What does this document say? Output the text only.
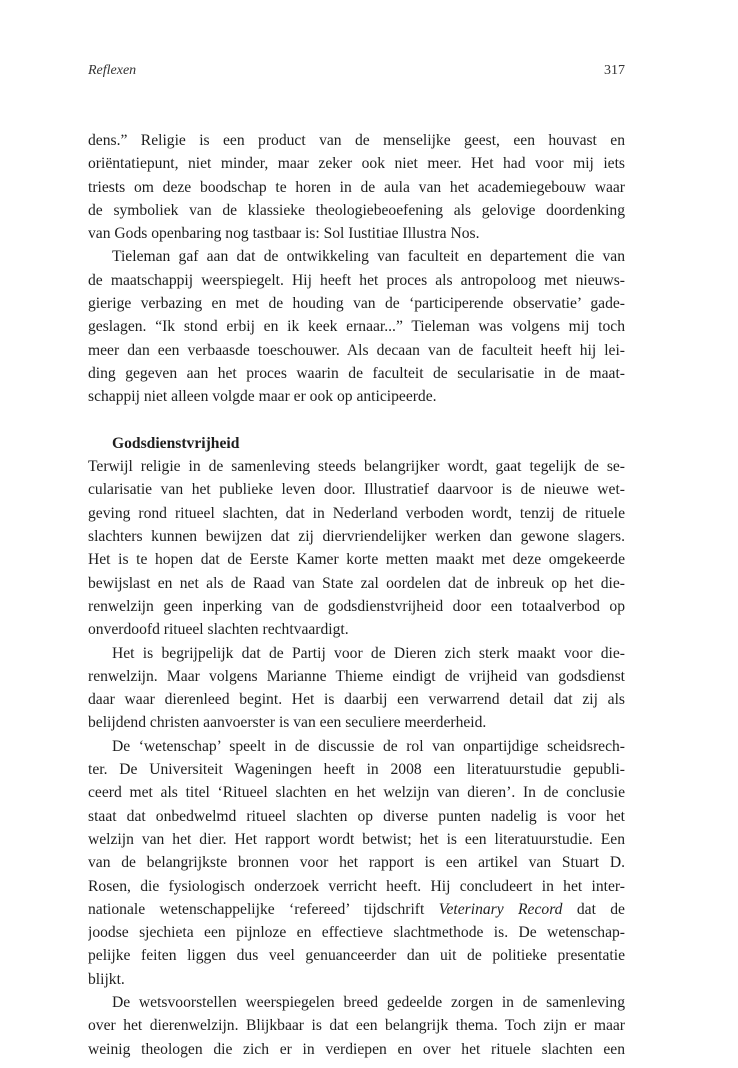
Reflexen	317
dens.” Religie is een product van de menselijke geest, een houvast en
oriëntatiepunt, niet minder, maar zeker ook niet meer. Het had voor mij iets
triests om deze boodschap te horen in de aula van het academiegebouw waar
de symboliek van de klassieke theologiebeoefening als gelovige doordenking
van Gods openbaring nog tastbaar is: Sol Iustitiae Illustra Nos.
Tieleman gaf aan dat de ontwikkeling van faculteit en departement die van
de maatschappij weerspiegelt. Hij heeft het proces als antropoloog met nieuws-
gierige verbazing en met de houding van de ‘participerende observatie’ gade-
geslagen. “Ik stond erbij en ik keek ernaar...” Tieleman was volgens mij toch
meer dan een verbaasde toeschouwer. Als decaan van de faculteit heeft hij lei-
ding gegeven aan het proces waarin de faculteit de secularisatie in de maat-
schappij niet alleen volgde maar er ook op anticipeerde.
Godsdienstvrijheid
Terwijl religie in de samenleving steeds belangrijker wordt, gaat tegelijk de se-
cularisatie van het publieke leven door. Illustratief daarvoor is de nieuwe wet-
geving rond ritueel slachten, dat in Nederland verboden wordt, tenzij de rituele
slachters kunnen bewijzen dat zij diervriendelijker werken dan gewone slagers.
Het is te hopen dat de Eerste Kamer korte metten maakt met deze omgekeerde
bewijslast en net als de Raad van State zal oordelen dat de inbreuk op het die-
renwelzijn geen inperking van de godsdienstvrijheid door een totaalverbod op
onverdoofd ritueel slachten rechtvaardigt.
Het is begrijpelijk dat de Partij voor de Dieren zich sterk maakt voor die-
renwelzijn. Maar volgens Marianne Thieme eindigt de vrijheid van godsdienst
daar waar dierenleed begint. Het is daarbij een verwarrend detail dat zij als
belijdend christen aanvoerster is van een seculiere meerderheid.
De ‘wetenschap’ speelt in de discussie de rol van onpartijdige scheidsrech-
ter. De Universiteit Wageningen heeft in 2008 een literatuurstudie gepubli-
ceerd met als titel ‘Ritueel slachten en het welzijn van dieren’. In de conclusie
staat dat onbedwelmd ritueel slachten op diverse punten nadelig is voor het
welzijn van het dier. Het rapport wordt betwist; het is een literatuurstudie. Een
van de belangrijkste bronnen voor het rapport is een artikel van Stuart D.
Rosen, die fysiologisch onderzoek verricht heeft. Hij concludeert in het inter-
nationale wetenschappelijke ‘refereed’ tijdschrift Veterinary Record dat de
joodse sjechieta een pijnloze en effectieve slachtmethode is. De wetenschap-
pelijke feiten liggen dus veel genuanceerder dan uit de politieke presentatie
blijkt.
De wetsvoorstellen weerspiegelen breed gedeelde zorgen in de samenleving
over het dierenwelzijn. Blijkbaar is dat een belangrijk thema. Toch zijn er maar
weinig theologen die zich er in verdiepen en over het rituele slachten een
